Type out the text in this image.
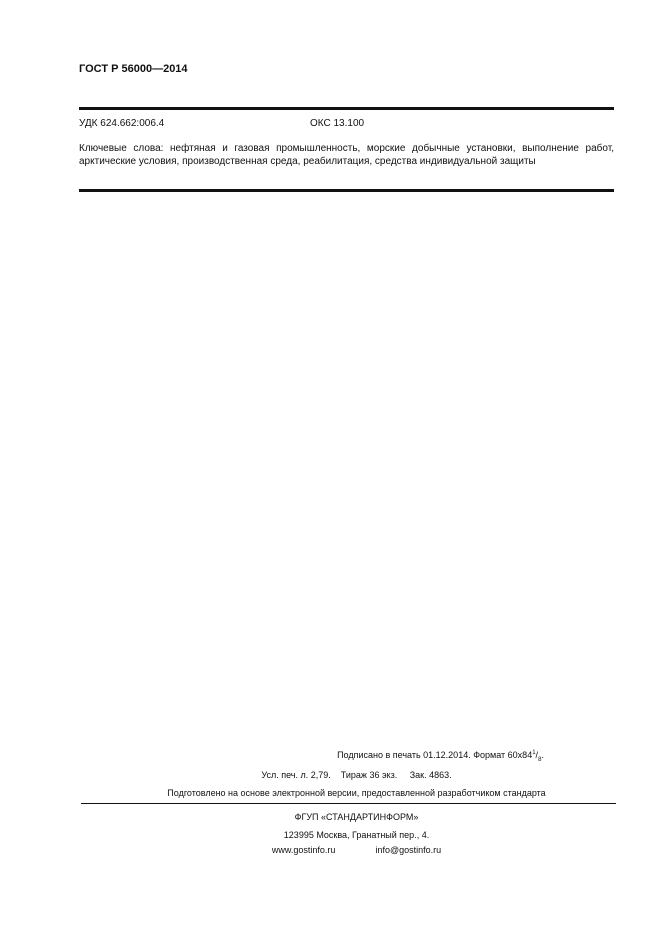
ГОСТ Р 56000—2014
УДК 624.662:006.4	ОКС 13.100
Ключевые слова: нефтяная и газовая промышленность, морские добычные установки, выполнение работ, арктические условия, производственная среда, реабилитация, средства индивидуальной защиты
Подписано в печать 01.12.2014. Формат $60x84^1/_8$.
Усл. печ. л. 2,79. Тираж 36 экз. Зак. 4863.
Подготовлено на основе электронной версии, предоставленной разработчиком стандарта
ФГУП «СТАНДАРТИНФОРМ»
123995 Москва, Гранатный пер., 4.
www.gostinfo.ru	info@gostinfo.ru
